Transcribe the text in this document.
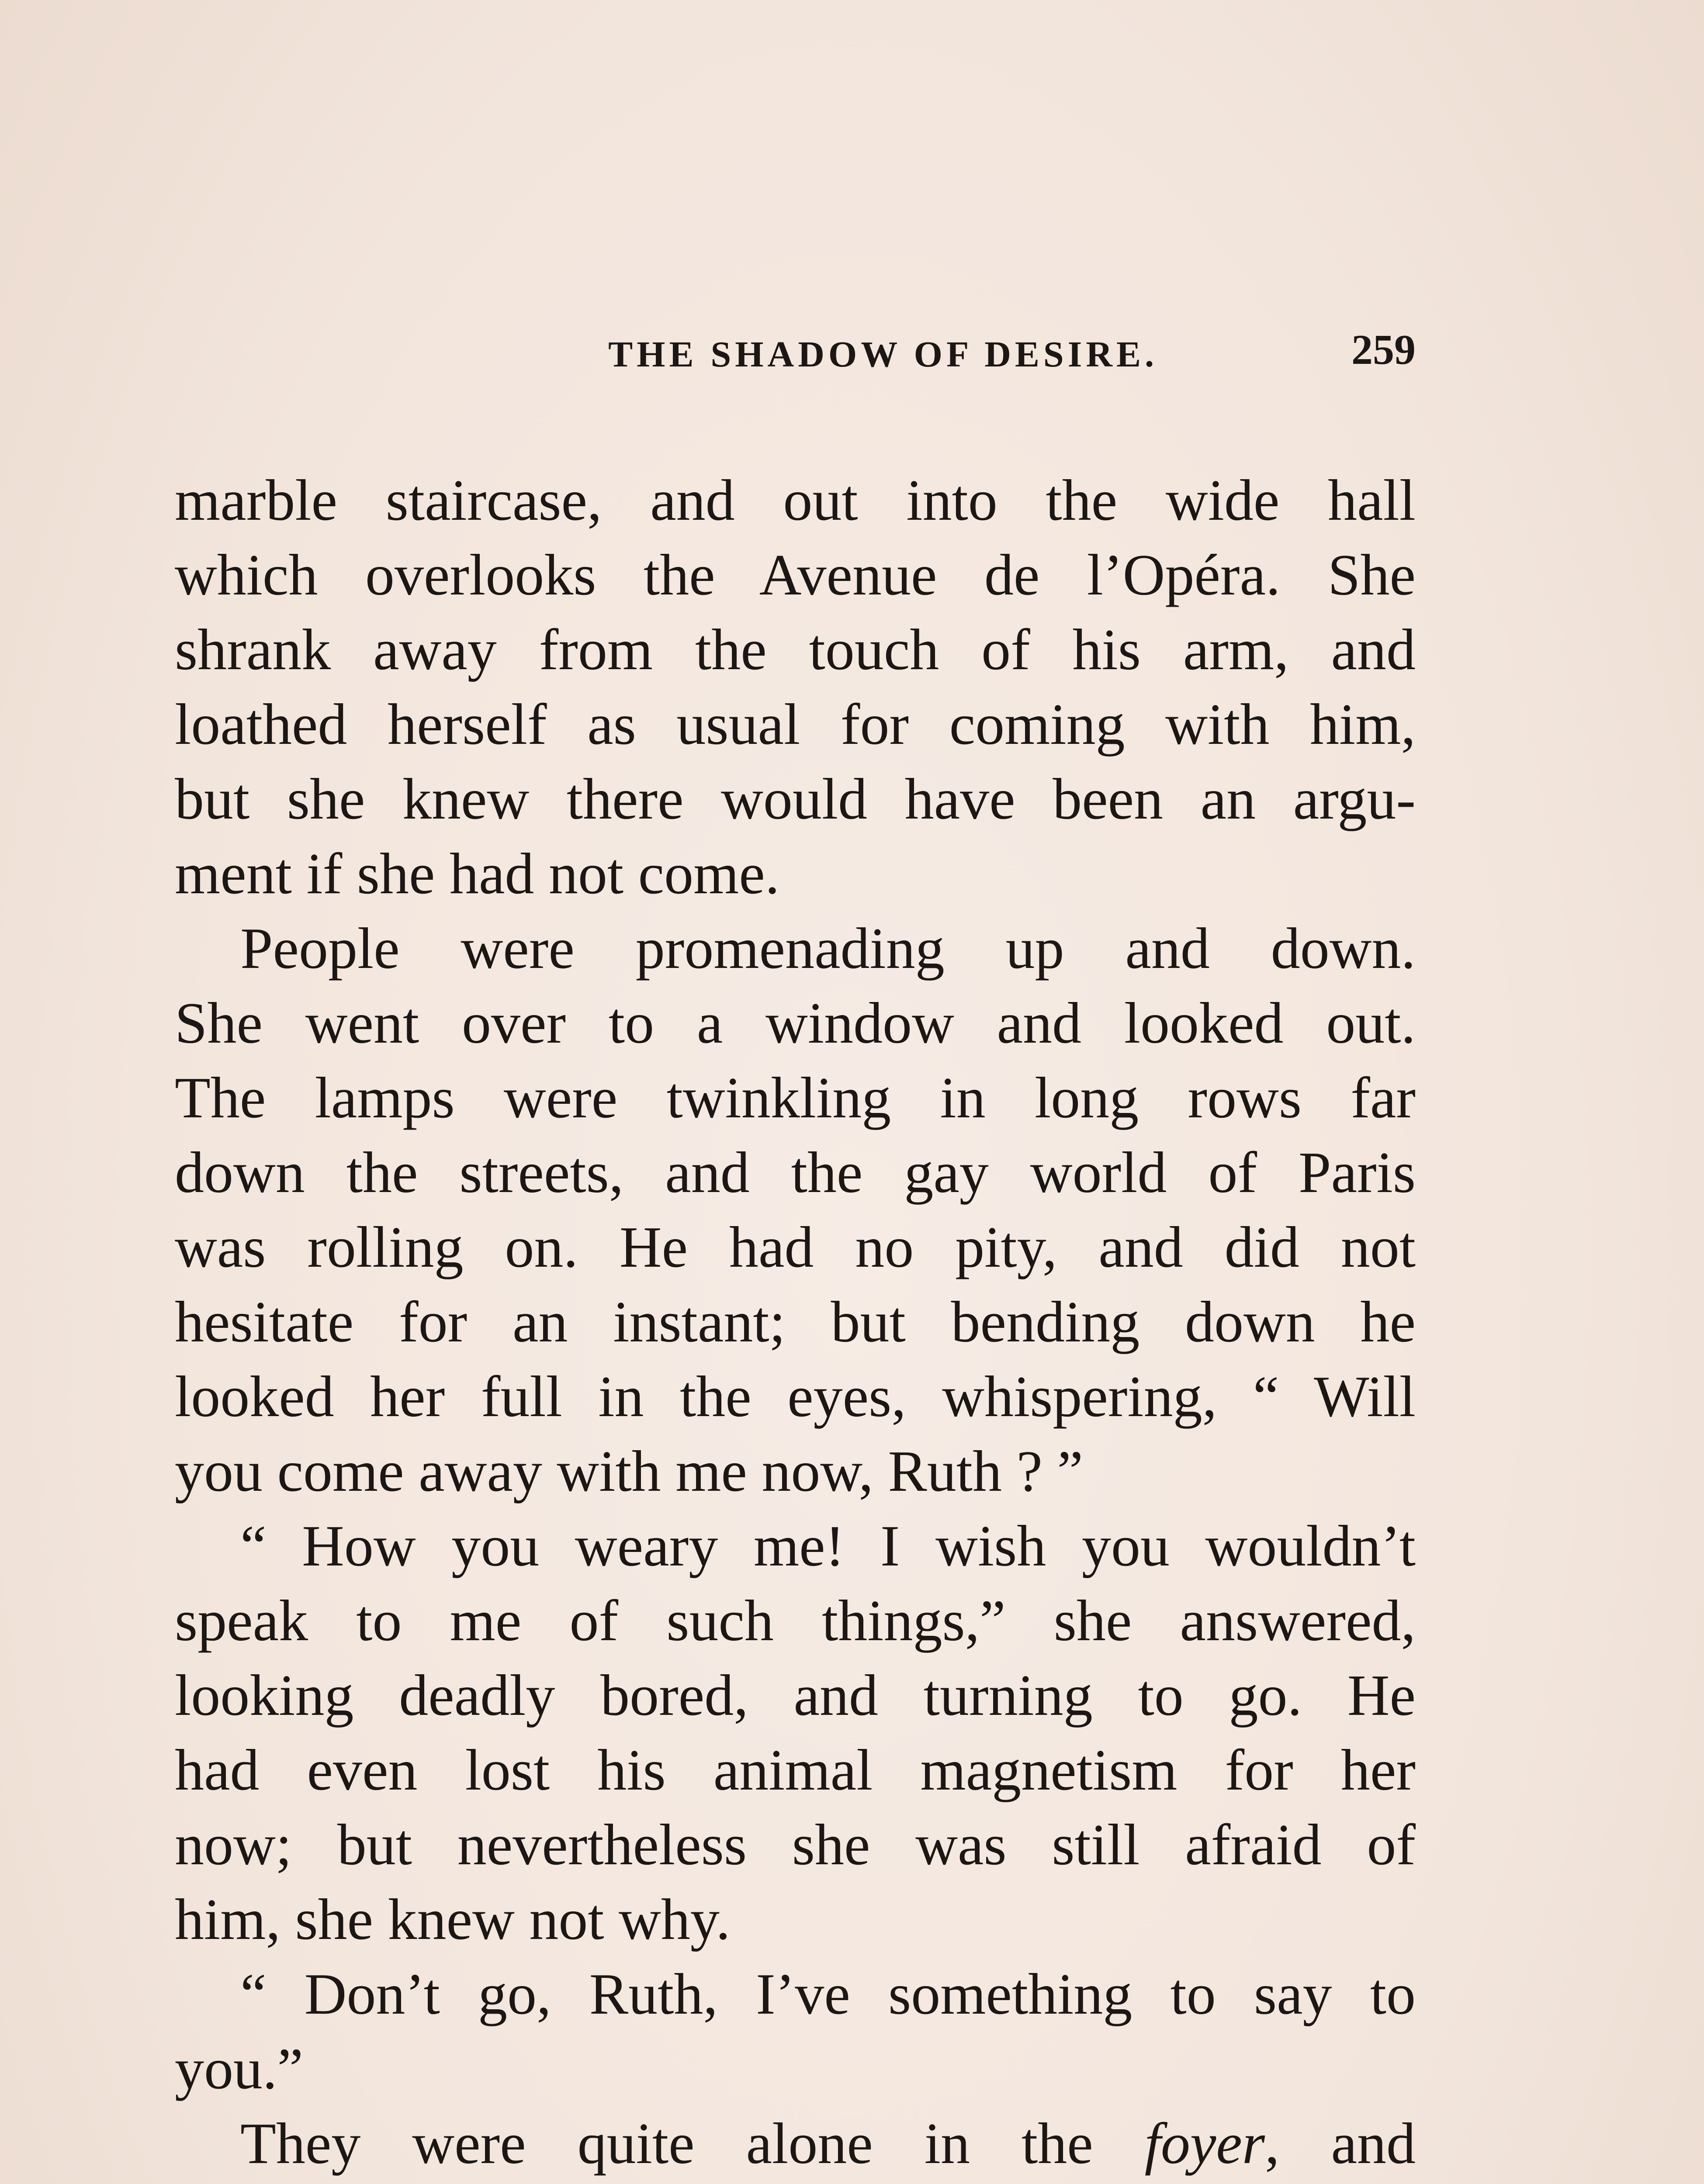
THE SHADOW OF DESIRE.	259
marble staircase, and out into the wide hall
which overlooks the Avenue de l’Opéra. She
shrank away from the touch of his arm, and
loathed herself as usual for coming with him,
but she knew there would have been an argu-
ment if she had not come.
People were promenading up and down.
She went over to a window and looked out.
The lamps were twinkling in long rows far
down the streets, and the gay world of Paris
was rolling on. He had no pity, and did not
hesitate for an instant; but bending down he
looked her full in the eyes, whispering, “ Will
you come away with me now, Ruth ? ”
“ How you weary me! I wish you wouldn’t
speak to me of such things,” she answered,
looking deadly bored, and turning to go. He
had even lost his animal magnetism for her
now; but nevertheless she was still afraid of
him, she knew not why.
“ Don’t go, Ruth, I’ve something to say to
you.”
They were quite alone in the foyer, and
